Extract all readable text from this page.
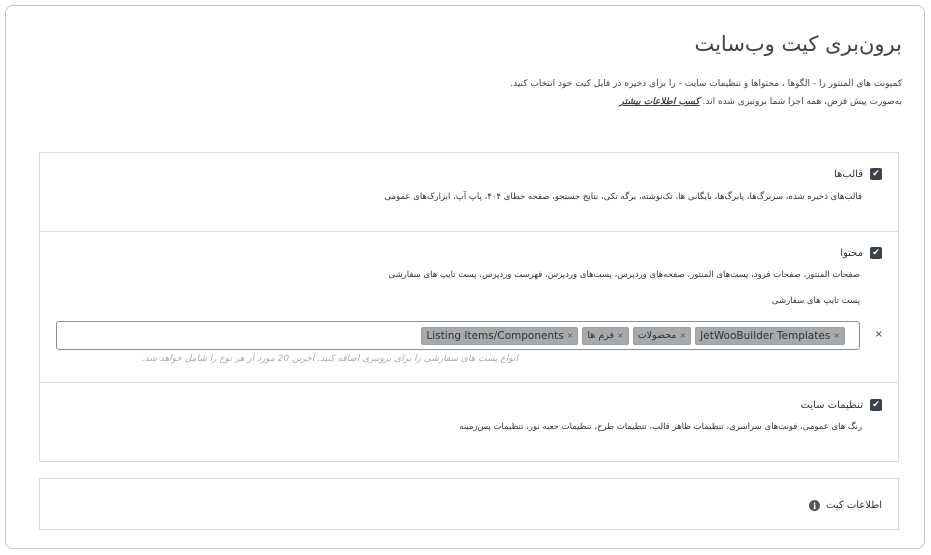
برون‌بری کیت وب‌سایت
کمپونت های المنتور را - الگوها ، محتواها و تنظیمات سایت - را برای ذخیره در فایل کیت خود انتخاب کنید.
به‌صورت پیش فرض، همه اجزا شما برونبری شده اند. کسب اطلاعات بیشتر
✔
قالب‌ها
قالب‌های ذخیره شده، سربرگ‌ها، پابرگ‌ها، بایگانی ها، تک‌نوشته، برگه تکی، نتایج جستجو، صفحه خطای ۴۰۴، پاپ آپ، ابزارک‌های عمومی
✔
محتوا
صفحات المنتور، صفحات فرود، پست‌های المنتور، صفحه‌های وردپرس، پست‌های وردپرس، فهرست وردپرس، پست تایپ های سفارشی
پست تایپ های سفارشی
JetWooBuilder Templates ×
محصولات ×
فرم ها ×
Listing Items/Components ×	×
انواع پست های سفارشی را برای برونبری اضافه کنید. آخرین 20 مورد از هر نوع را شامل خواهد شد.
✔
تنظیمات سایت
رنگ های عمومی، فونت‌های سراسری، تنظیمات ظاهر قالب، تنظیمات طرح، تنظیمات جعبه نور، تنظیمات پس‌زمینه
اطلاعات کیت
i
